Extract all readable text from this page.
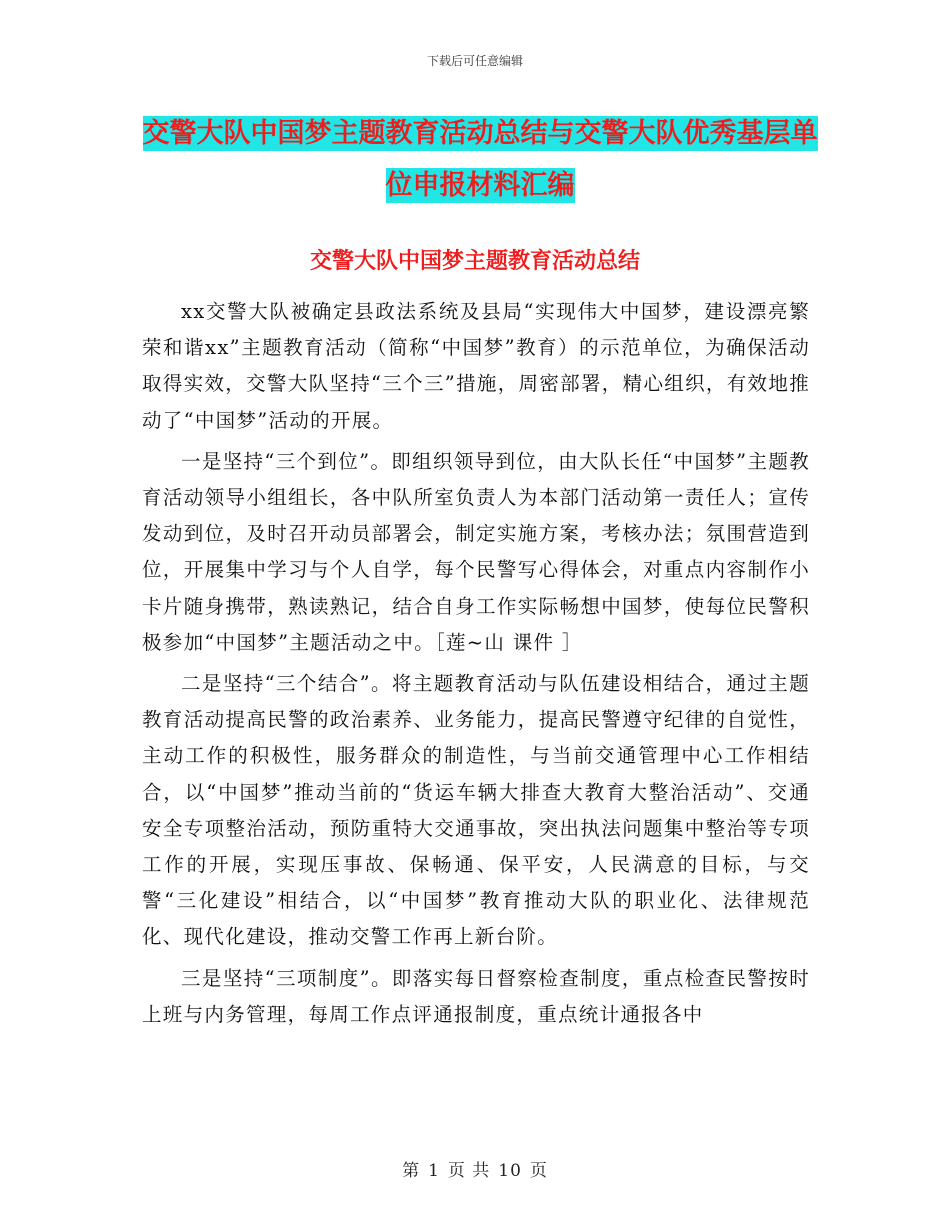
下载后可任意编辑
交警大队中国梦主题教育活动总结与交警大队优秀基层单位申报材料汇编
交警大队中国梦主题教育活动总结

xx交警大队被确定县政法系统及县局“实现伟大中国梦，建设漂亮繁荣和谐xx”主题教育活动（简称“中国梦”教育）的示范单位，为确保活动取得实效，交警大队坚持“三个三”措施，周密部署，精心组织，有效地推动了“中国梦”活动的开展。

一是坚持“三个到位”。即组织领导到位，由大队长任“中国梦”主题教育活动领导小组组长，各中队所室负责人为本部门活动第一责任人；宣传发动到位，及时召开动员部署会，制定实施方案，考核办法；氛围营造到位，开展集中学习与个人自学，每个民警写心得体会，对重点内容制作小卡片随身携带，熟读熟记，结合自身工作实际畅想中国梦，使每位民警积极参加“中国梦”主题活动之中。［莲~山 课件 ］

二是坚持“三个结合”。将主题教育活动与队伍建设相结合，通过主题教育活动提高民警的政治素养、业务能力，提高民警遵守纪律的自觉性，主动工作的积极性，服务群众的制造性，与当前交通管理中心工作相结合，以“中国梦”推动当前的“货运车辆大排查大教育大整治活动”、交通安全专项整治活动，预防重特大交通事故，突出执法问题集中整治等专项工作的开展，实现压事故、保畅通、保平安，人民满意的目标，与交警“三化建设”相结合，以“中国梦”教育推动大队的职业化、法律规范化、现代化建设，推动交警工作再上新台阶。

三是坚持“三项制度”。即落实每日督察检查制度，重点检查民警按时上班与内务管理，每周工作点评通报制度，重点统计通报各中

第 1 页 共 10 页
